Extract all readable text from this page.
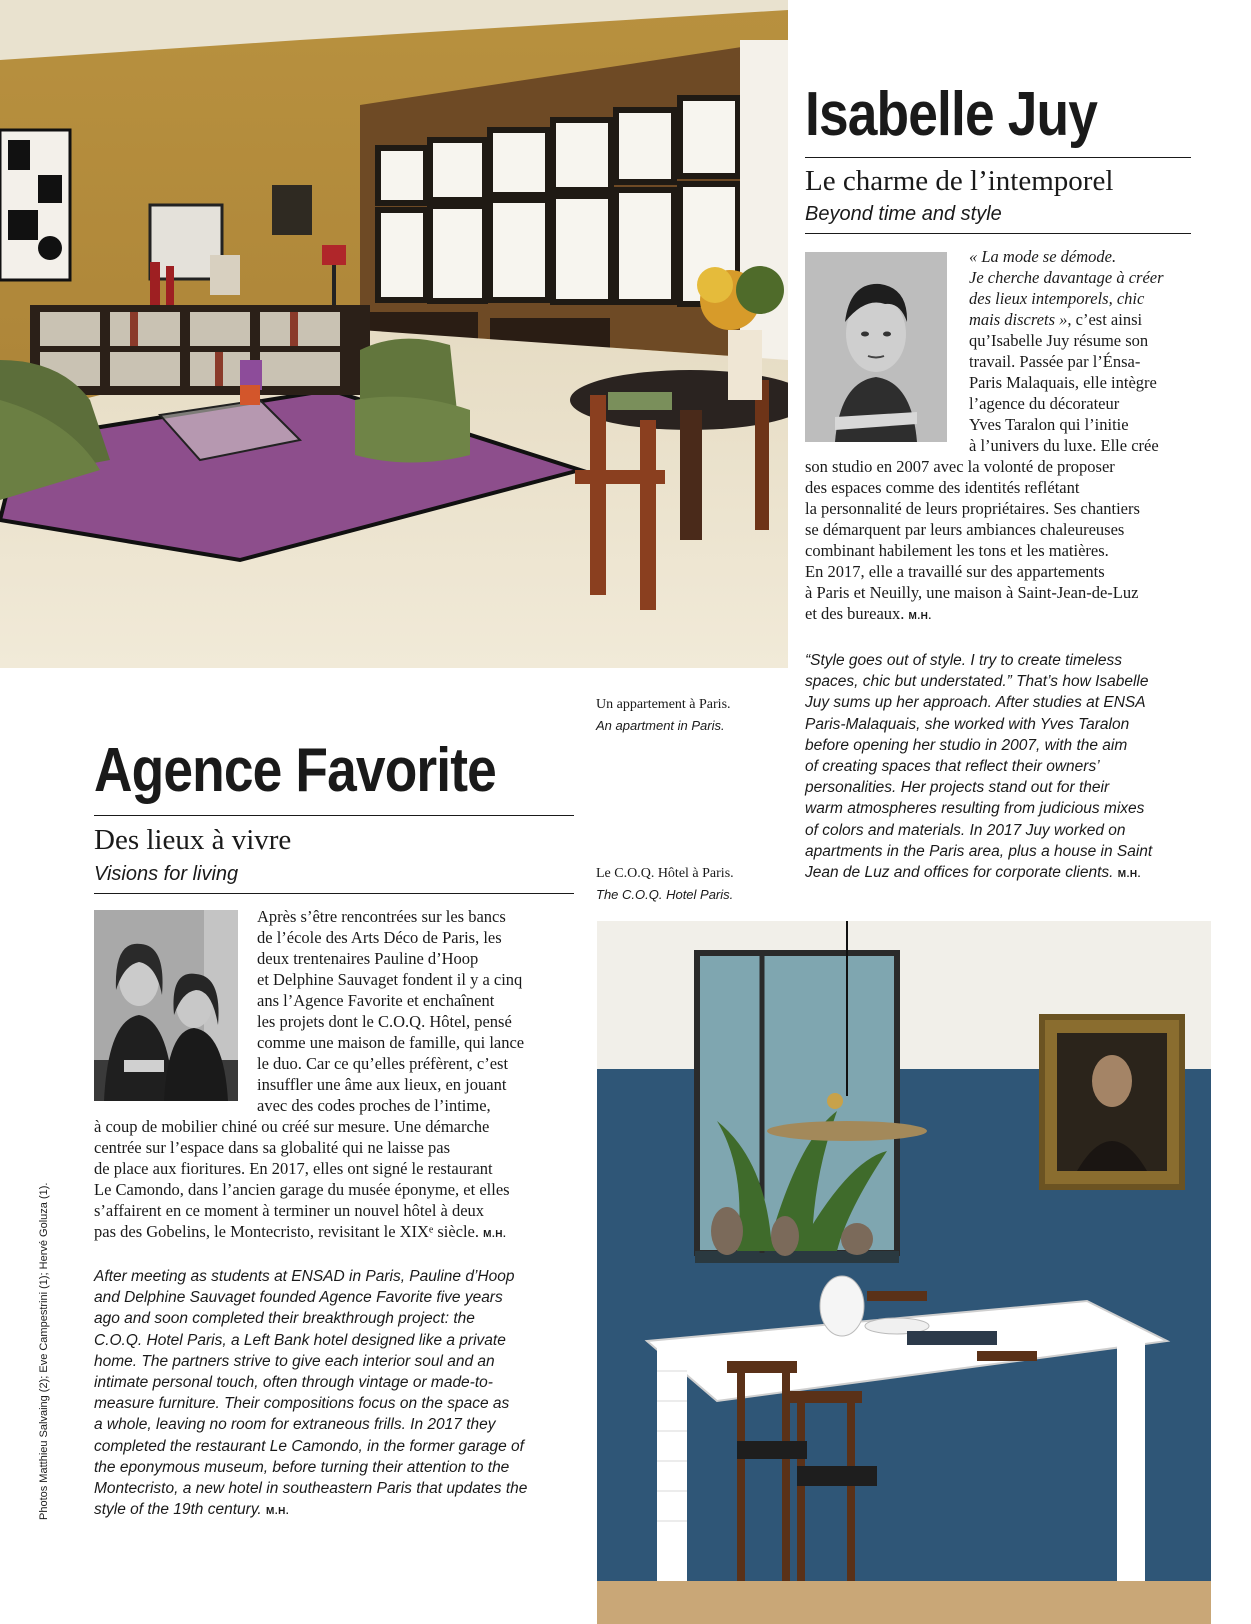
Isabelle Juy
Le charme de l’intemporel
Beyond time and style
« La mode se démode.
Je cherche davantage à créer
des lieux intemporels, chic
mais discrets », c’est ainsi
qu’Isabelle Juy résume son
travail. Passée par l’Énsa-
Paris Malaquais, elle intègre
l’agence du décorateur
Yves Taralon qui l’initie
à l’univers du luxe. Elle crée
son studio en 2007 avec la volonté de proposer
des espaces comme des identités reflétant
la personnalité de leurs propriétaires. Ses chantiers
se démarquent par leurs ambiances chaleureuses
combinant habilement les tons et les matières.
En 2017, elle a travaillé sur des appartements
à Paris et Neuilly, une maison à Saint-Jean-de-Luz
et des bureaux. M.H.
“Style goes out of style. I try to create timeless
spaces, chic but understated.” That’s how Isabelle
Juy sums up her approach. After studies at ENSA
Paris-Malaquais, she worked with Yves Taralon
before opening her studio in 2007, with the aim
of creating spaces that reflect their owners’
personalities. Her projects stand out for their
warm atmospheres resulting from judicious mixes
of colors and materials. In 2017 Juy worked on
apartments in the Paris area, plus a house in Saint
Jean de Luz and offices for corporate clients. M.H.
Un appartement à Paris.
An apartment in Paris.
Le C.O.Q. Hôtel à Paris.
The C.O.Q. Hotel Paris.
Agence Favorite
Des lieux à vivre
Visions for living
Après s’être rencontrées sur les bancs
de l’école des Arts Déco de Paris, les
deux trentenaires Pauline d’Hoop
et Delphine Sauvaget fondent il y a cinq
ans l’Agence Favorite et enchaînent
les projets dont le C.O.Q. Hôtel, pensé
comme une maison de famille, qui lance
le duo. Car ce qu’elles préfèrent, c’est
insuffler une âme aux lieux, en jouant
avec des codes proches de l’intime,
à coup de mobilier chiné ou créé sur mesure. Une démarche
centrée sur l’espace dans sa globalité qui ne laisse pas
de place aux fioritures. En 2017, elles ont signé le restaurant
Le Camondo, dans l’ancien garage du musée éponyme, et elles
s’affairent en ce moment à terminer un nouvel hôtel à deux
pas des Gobelins, le Montecristo, revisitant le XIXᵉ siècle. M.H.
After meeting as students at ENSAD in Paris, Pauline d’Hoop
and Delphine Sauvaget founded Agence Favorite five years
ago and soon completed their breakthrough project: the
C.O.Q. Hotel Paris, a Left Bank hotel designed like a private
home. The partners strive to give each interior soul and an
intimate personal touch, often through vintage or made-to-
measure furniture. Their compositions focus on the space as
a whole, leaving no room for extraneous frills. In 2017 they
completed the restaurant Le Camondo, in the former garage of
the eponymous museum, before turning their attention to the
Montecristo, a new hotel in southeastern Paris that updates the
style of the 19th century. M.H.
Photos Matthieu Salvaing (2); Eve Campestrini (1); Hervé Goluza (1).
